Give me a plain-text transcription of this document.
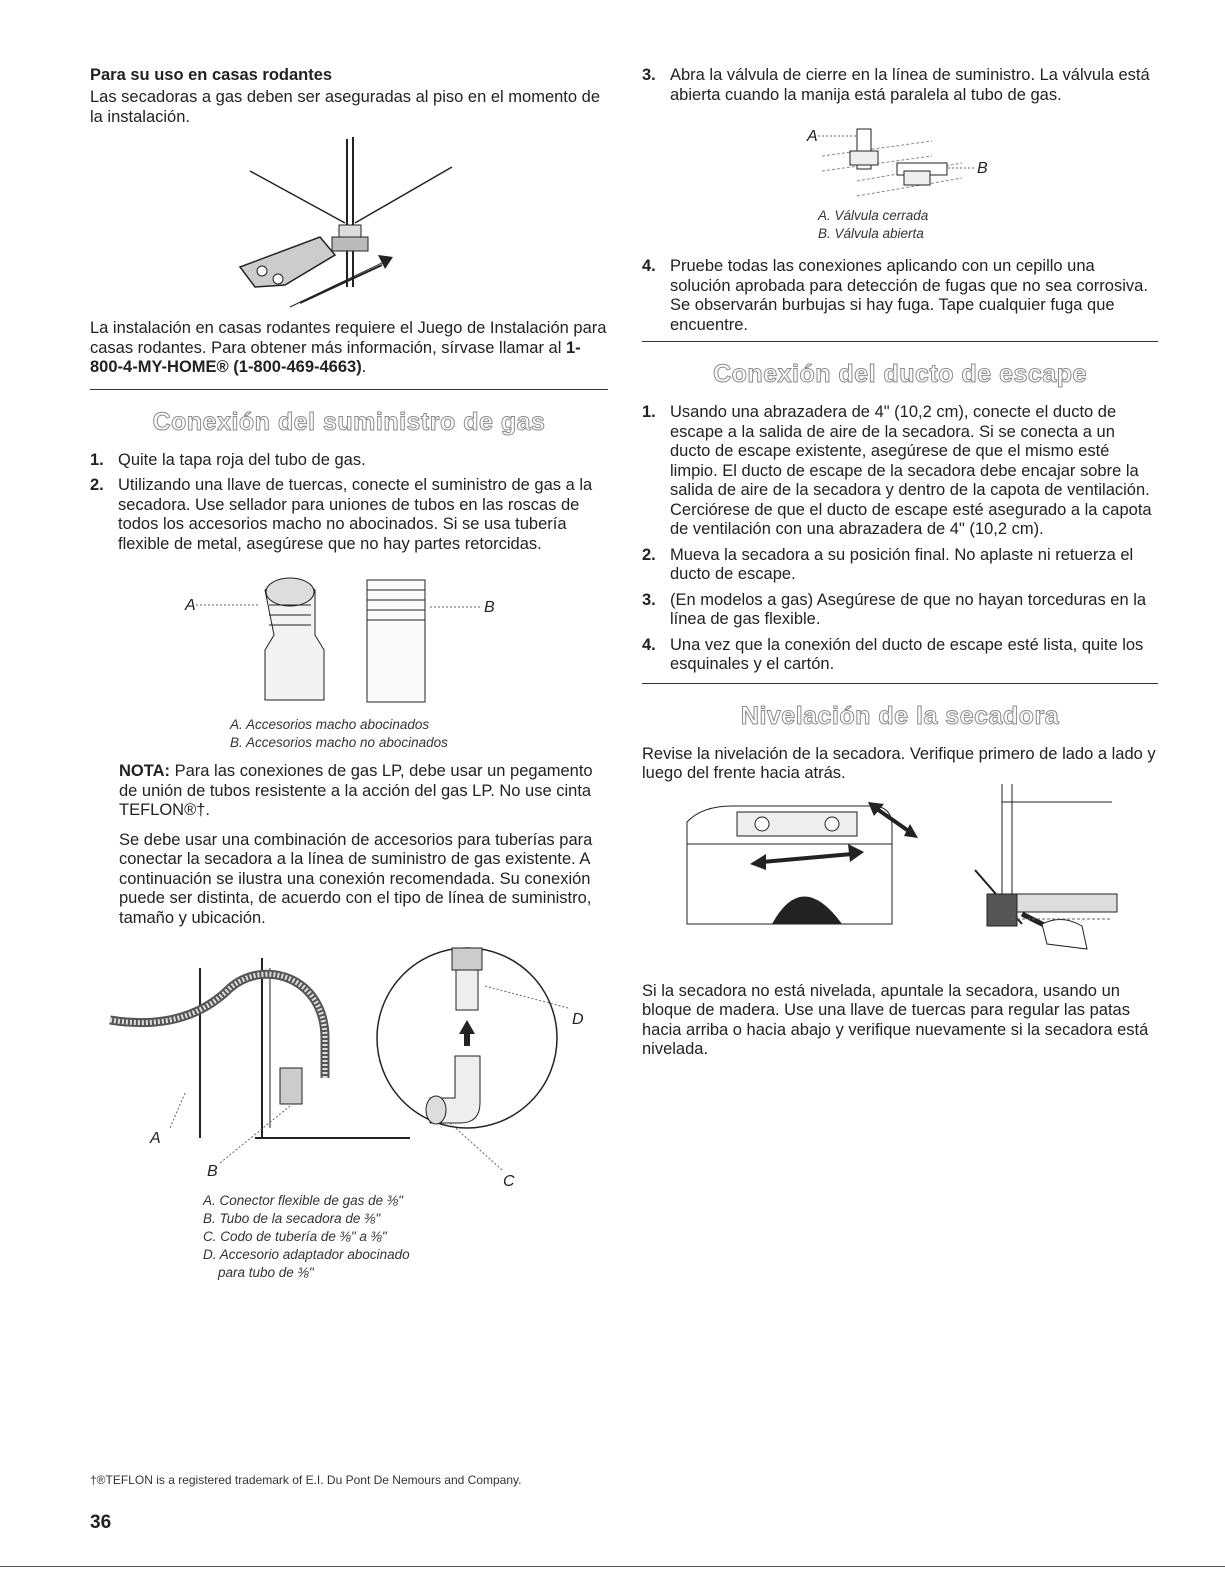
Para su uso en casas rodantes

Las secadoras a gas deben ser aseguradas al piso en el momento de la instalación.

La instalación en casas rodantes requiere el Juego de Instalación para casas rodantes. Para obtener más información, sírvase llamar al 1-800-4-MY-HOME® (1-800-469-4663).

Conexión del suministro de gas
1. Quite la tapa roja del tubo de gas.
2. Utilizando una llave de tuercas, conecte el suministro de gas a la secadora. Use sellador para uniones de tubos en las roscas de todos los accesorios macho no abocinados. Si se usa tubería flexible de metal, asegúrese que no hay partes retorcidas.
A	B
A. Accesorios macho abocinados
B. Accesorios macho no abocinados

NOTA: Para las conexiones de gas LP, debe usar un pegamento de unión de tubos resistente a la acción del gas LP. No use cinta TEFLON®†.

Se debe usar una combinación de accesorios para tuberías para conectar la secadora a la línea de suministro de gas existente. A continuación se ilustra una conexión recomendada. Su conexión puede ser distinta, de acuerdo con el tipo de línea de suministro, tamaño y ubicación.

D
A
B
C
A. Conector flexible de gas de ⅜"
B. Tubo de la secadora de ⅜"
C. Codo de tubería de ⅜" a ⅜"
D. Accesorio adaptador abocinado
para tubo de ⅜"
3. Abra la válvula de cierre en la línea de suministro. La válvula está abierta cuando la manija está paralela al tubo de gas.
A
B
A. Válvula cerrada
B. Válvula abierta
4. Pruebe todas las conexiones aplicando con un cepillo una solución aprobada para detección de fugas que no sea corrosiva. Se observarán burbujas si hay fuga. Tape cualquier fuga que encuentre.
Conexión del ducto de escape
1. Usando una abrazadera de 4" (10,2 cm), conecte el ducto de escape a la salida de aire de la secadora. Si se conecta a un ducto de escape existente, asegúrese de que el mismo esté limpio. El ducto de escape de la secadora debe encajar sobre la salida de aire de la secadora y dentro de la capota de ventilación. Cerciórese de que el ducto de escape esté asegurado a la capota de ventilación con una abrazadera de 4" (10,2 cm).
2. Mueva la secadora a su posición final. No aplaste ni retuerza el ducto de escape.
3. (En modelos a gas) Asegúrese de que no hayan torceduras en la línea de gas flexible.
4. Una vez que la conexión del ducto de escape esté lista, quite los esquinales y el cartón.
Nivelación de la secadora

Revise la nivelación de la secadora. Verifique primero de lado a lado y luego del frente hacia atrás.

Si la secadora no está nivelada, apuntale la secadora, usando un bloque de madera. Use una llave de tuercas para regular las patas hacia arriba o hacia abajo y verifique nuevamente si la secadora está nivelada.

†®TEFLON is a registered trademark of E.I. Du Pont De Nemours and Company.
36
